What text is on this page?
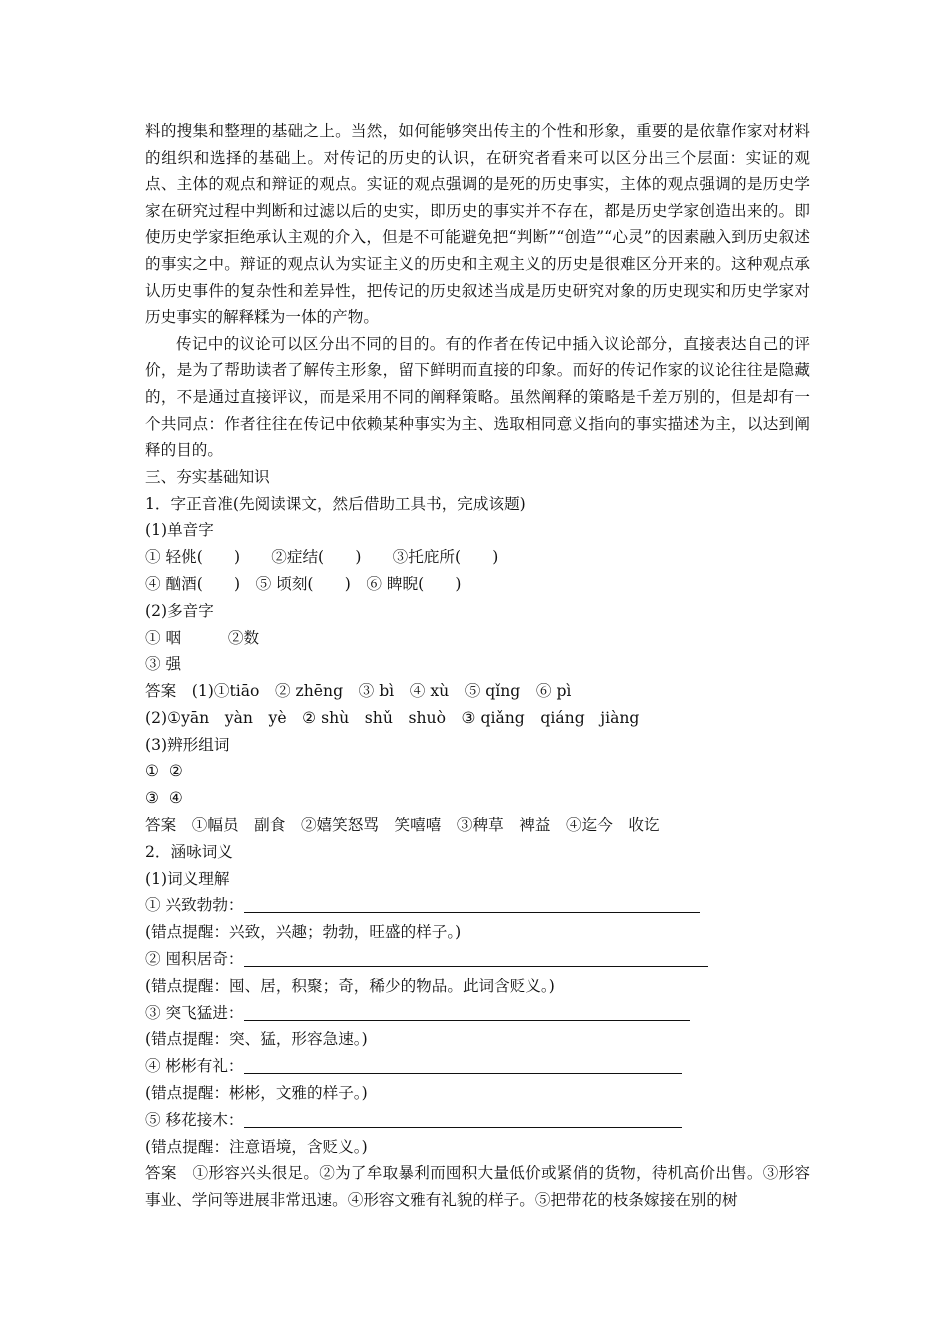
料的搜集和整理的基础之上。当然，如何能够突出传主的个性和形象，重要的是依靠作家对材料的组织和选择的基础上。对传记的历史的认识，在研究者看来可以区分出三个层面：实证的观点、主体的观点和辩证的观点。实证的观点强调的是死的历史事实，主体的观点强调的是历史学家在研究过程中判断和过滤以后的史实，即历史的事实并不存在，都是历史学家创造出来的。即使历史学家拒绝承认主观的介入，但是不可能避免把“判断”“创造”“心灵”的因素融入到历史叙述的事实之中。辩证的观点认为实证主义的历史和主观主义的历史是很难区分开来的。这种观点承认历史事件的复杂性和差异性，把传记的历史叙述当成是历史研究对象的历史现实和历史学家对历史事实的解释糅为一体的产物。

传记中的议论可以区分出不同的目的。有的作者在传记中插入议论部分，直接表达自己的评价，是为了帮助读者了解传主形象，留下鲜明而直接的印象。而好的传记作家的议论往往是隐藏的，不是通过直接评议，而是采用不同的阐释策略。虽然阐释的策略是千差万别的，但是却有一个共同点：作者往往在传记中依赖某种事实为主、选取相同意义指向的事实描述为主，以达到阐释的目的。

三、夯实基础知识

1．字正音准(先阅读课文，然后借助工具书，完成该题)

(1)单音字

① 轻佻(　　)　　②症结(　　)　　③托庇所(　　)

④ 酗酒(　　)　⑤ 顷刻(　　)　⑥ 睥睨(　　)

(2)多音字

① 咽　　　②数

③ 强

答案　(1)①tiāo　② zhēng　③ bì　④ xù　⑤ qǐng　⑥ pì

(2)①yān　yàn　yè　② shù　shǔ　shuò　③ qiǎng　qiáng　jiàng

(3)辨形组词

①  ②

③  ④

答案　①幅员　副食　②嬉笑怒骂　笑嘻嘻　③稗草　裨益　④迄今　收讫

2．涵咏词义

(1)词义理解

① 兴致勃勃：

(错点提醒：兴致，兴趣；勃勃，旺盛的样子。)

② 囤积居奇：

(错点提醒：囤、居，积聚；奇，稀少的物品。此词含贬义。)

③ 突飞猛进：

(错点提醒：突、猛，形容急速。)

④ 彬彬有礼：

(错点提醒：彬彬，文雅的样子。)

⑤ 移花接木：

(错点提醒：注意语境，含贬义。)

答案　①形容兴头很足。②为了牟取暴利而囤积大量低价或紧俏的货物，待机高价出售。③形容事业、学问等进展非常迅速。④形容文雅有礼貌的样子。⑤把带花的枝条嫁接在别的树
